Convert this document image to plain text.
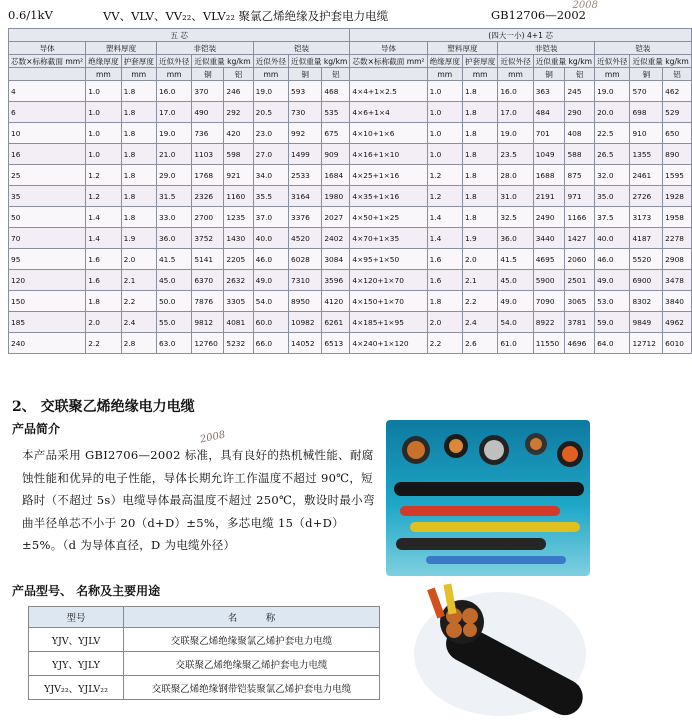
0.6/1kV	VV、VLV、VV₂₂、VLV₂₂ 聚氯乙烯绝缘及护套电力电缆	GB12706—2002
2008
五 芯									(四大一小) 4+1 芯								
导体	塑料厚度		非铠装			铠装			导体	塑料厚度		非铠装			铠装		
芯数×标称截面 mm²	绝缘厚度	护套厚度	近似外径	近似重量 kg/km		近似外径	近似重量 kg/km		芯数×标称截面 mm²	绝缘厚度	护套厚度	近似外径	近似重量 kg/km		近似外径	近似重量 kg/km	
	mm	mm	mm	铜	铝	mm	铜	铝		mm	mm	mm	铜	铝	mm	铜	铝
4	1.0	1.8	16.0	370	246	19.0	593	468	4×4+1×2.5	1.0	1.8	16.0	363	245	19.0	570	462
6	1.0	1.8	17.0	490	292	20.5	730	535	4×6+1×4	1.0	1.8	17.0	484	290	20.0	698	529
10	1.0	1.8	19.0	736	420	23.0	992	675	4×10+1×6	1.0	1.8	19.0	701	408	22.5	910	650
16	1.0	1.8	21.0	1103	598	27.0	1499	909	4×16+1×10	1.0	1.8	23.5	1049	588	26.5	1355	890
25	1.2	1.8	29.0	1768	921	34.0	2533	1684	4×25+1×16	1.2	1.8	28.0	1688	875	32.0	2461	1595
35	1.2	1.8	31.5	2326	1160	35.5	3164	1980	4×35+1×16	1.2	1.8	31.0	2191	971	35.0	2726	1928
50	1.4	1.8	33.0	2700	1235	37.0	3376	2027	4×50+1×25	1.4	1.8	32.5	2490	1166	37.5	3173	1958
70	1.4	1.9	36.0	3752	1430	40.0	4520	2402	4×70+1×35	1.4	1.9	36.0	3440	1427	40.0	4187	2278
95	1.6	2.0	41.5	5141	2205	46.0	6028	3084	4×95+1×50	1.6	2.0	41.5	4695	2060	46.0	5520	2908
120	1.6	2.1	45.0	6370	2632	49.0	7310	3596	4×120+1×70	1.6	2.1	45.0	5900	2501	49.0	6900	3478
150	1.8	2.2	50.0	7876	3305	54.0	8950	4120	4×150+1×70	1.8	2.2	49.0	7090	3065	53.0	8302	3840
185	2.0	2.4	55.0	9812	4081	60.0	10982	6261	4×185+1×95	2.0	2.4	54.0	8922	3781	59.0	9849	4962
240	2.2	2.8	63.0	12760	5232	66.0	14052	6513	4×240+1×120	2.2	2.6	61.0	11550	4696	64.0	12712	6010
2、 交联聚乙烯绝缘电力电缆
产品简介
本产品采用 GBI2706—2002 标准，具有良好的热机械性能、耐腐蚀性能和优异的电子性能，导体长期允许工作温度不超过 90℃，短路时（不超过 5s）电缆导体最高温度不超过 250℃，敷设时最小弯曲半径单芯不小于 20（d+D）±5%，多芯电缆 15（d+D）±5%。（d 为导体直径，D 为电缆外径）
2008
产品型号、 名称及主要用途
型号	名　　　称
YJV、YJLV	交联聚乙烯绝缘聚氯乙烯护套电力电缆
YJY、YJLY	交联聚乙烯绝缘聚乙烯护套电力电缆
YJV₂₂、YJLV₂₂	交联聚乙烯绝缘钢带铠装聚氯乙烯护套电力电缆
